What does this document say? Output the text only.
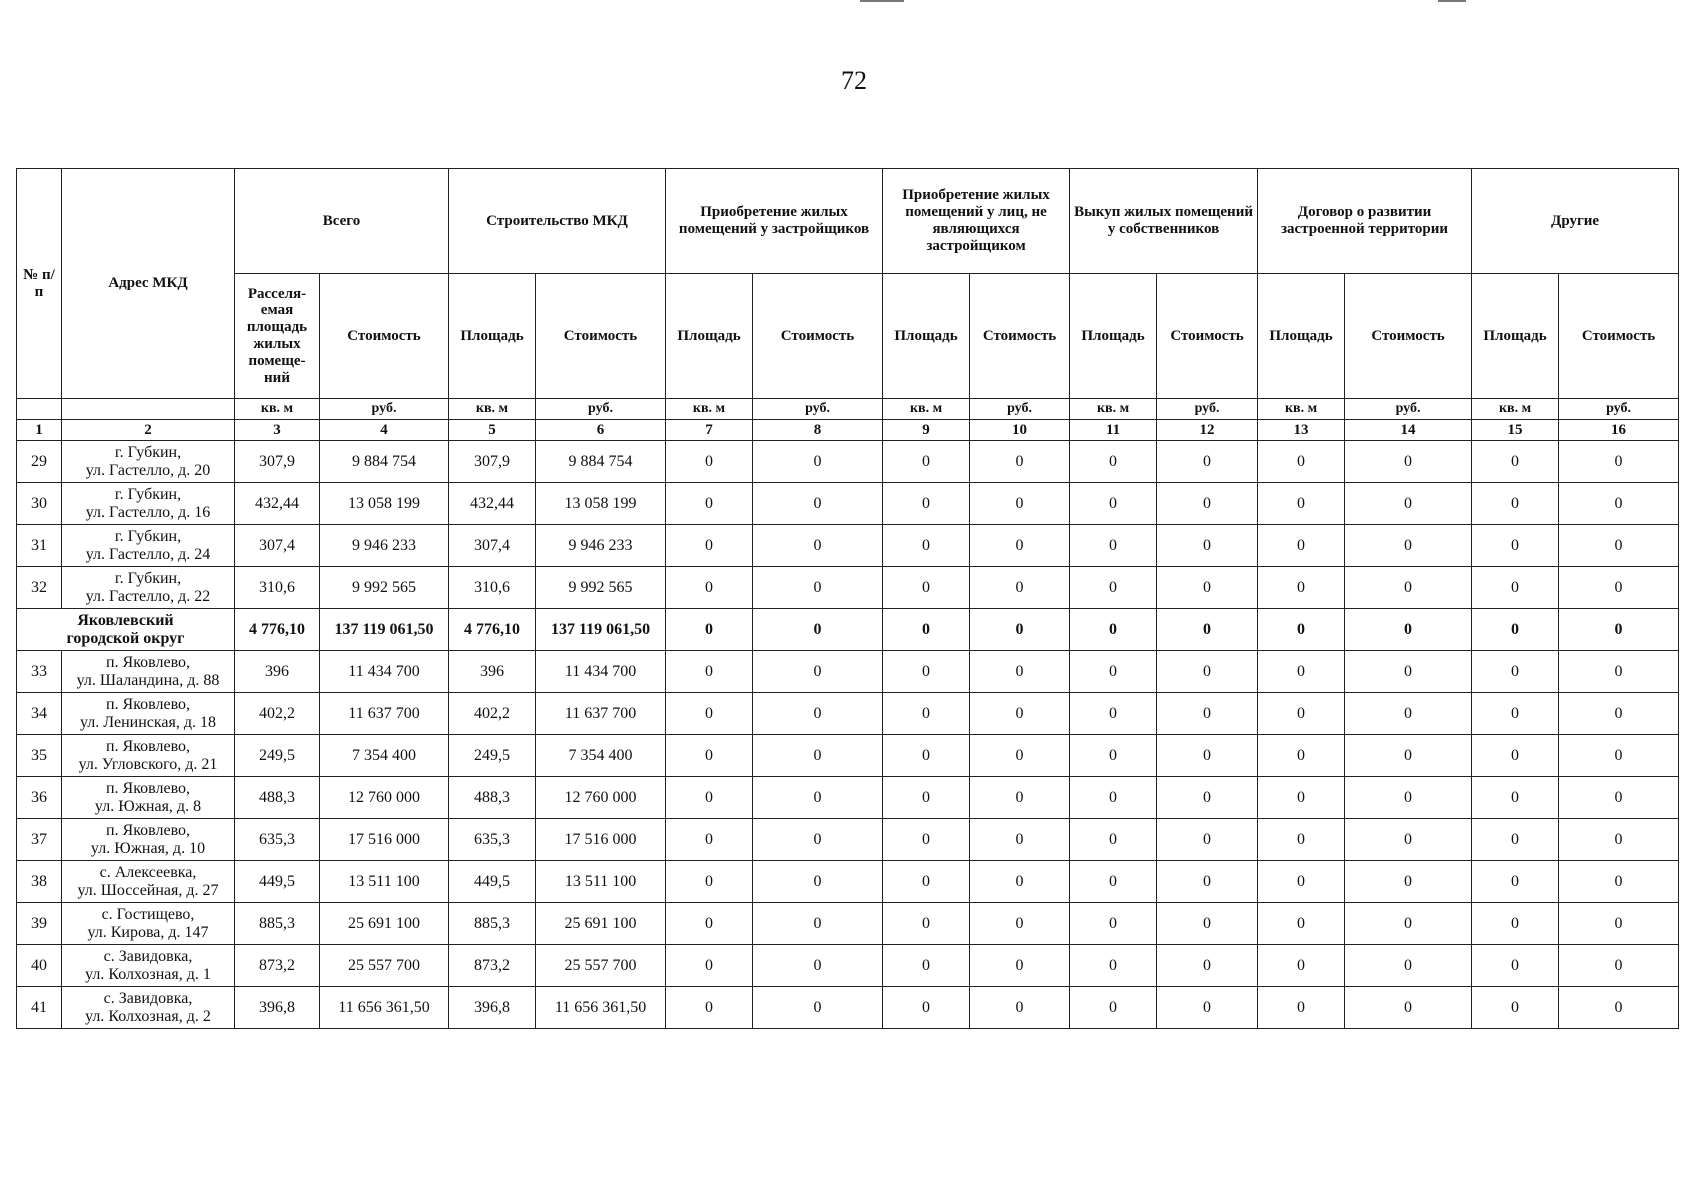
72
№ п/п	Адрес МКД	Всего		Строительство МКД		Приобретение жилых помещений у застройщиков		Приобретение жилых помещений у лиц, не являющихся застройщиком		Выкуп жилых помещений у собственников		Договор о развитии застроенной территории		Другие	
		Расселя-емая площадь жилых помеще-ний	Стоимость	Площадь	Стоимость	Площадь	Стоимость	Площадь	Стоимость	Площадь	Стоимость	Площадь	Стоимость	Площадь	Стоимость
		кв. м	руб.	кв. м	руб.	кв. м	руб.	кв. м	руб.	кв. м	руб.	кв. м	руб.	кв. м	руб.
1	2	3	4	5	6	7	8	9	10	11	12	13	14	15	16
29	г. Губкин,
ул. Гастелло, д. 20	307,9	9 884 754	307,9	9 884 754	0	0	0	0	0	0	0	0	0	0
30	г. Губкин,
ул. Гастелло, д. 16	432,44	13 058 199	432,44	13 058 199	0	0	0	0	0	0	0	0	0	0
31	г. Губкин,
ул. Гастелло, д. 24	307,4	9 946 233	307,4	9 946 233	0	0	0	0	0	0	0	0	0	0
32	г. Губкин,
ул. Гастелло, д. 22	310,6	9 992 565	310,6	9 992 565	0	0	0	0	0	0	0	0	0	0

Яковлевский
городской округ		4 776,10	137 119 061,50	4 776,10	137 119 061,50	0	0	0	0	0	0	0	0	0	0
33	п. Яковлево,
ул. Шаландина, д. 88	396	11 434 700	396	11 434 700	0	0	0	0	0	0	0	0	0	0
34	п. Яковлево,
ул. Ленинская, д. 18	402,2	11 637 700	402,2	11 637 700	0	0	0	0	0	0	0	0	0	0
35	п. Яковлево,
ул. Угловского, д. 21	249,5	7 354 400	249,5	7 354 400	0	0	0	0	0	0	0	0	0	0
36	п. Яковлево,
ул. Южная, д. 8	488,3	12 760 000	488,3	12 760 000	0	0	0	0	0	0	0	0	0	0
37	п. Яковлево,
ул. Южная, д. 10	635,3	17 516 000	635,3	17 516 000	0	0	0	0	0	0	0	0	0	0
38	с. Алексеевка,
ул. Шоссейная, д. 27	449,5	13 511 100	449,5	13 511 100	0	0	0	0	0	0	0	0	0	0
39	с. Гостищево,
ул. Кирова, д. 147	885,3	25 691 100	885,3	25 691 100	0	0	0	0	0	0	0	0	0	0
40	с. Завидовка,
ул. Колхозная, д. 1	873,2	25 557 700	873,2	25 557 700	0	0	0	0	0	0	0	0	0	0
41	с. Завидовка,
ул. Колхозная, д. 2	396,8	11 656 361,50	396,8	11 656 361,50	0	0	0	0	0	0	0	0	0	0
